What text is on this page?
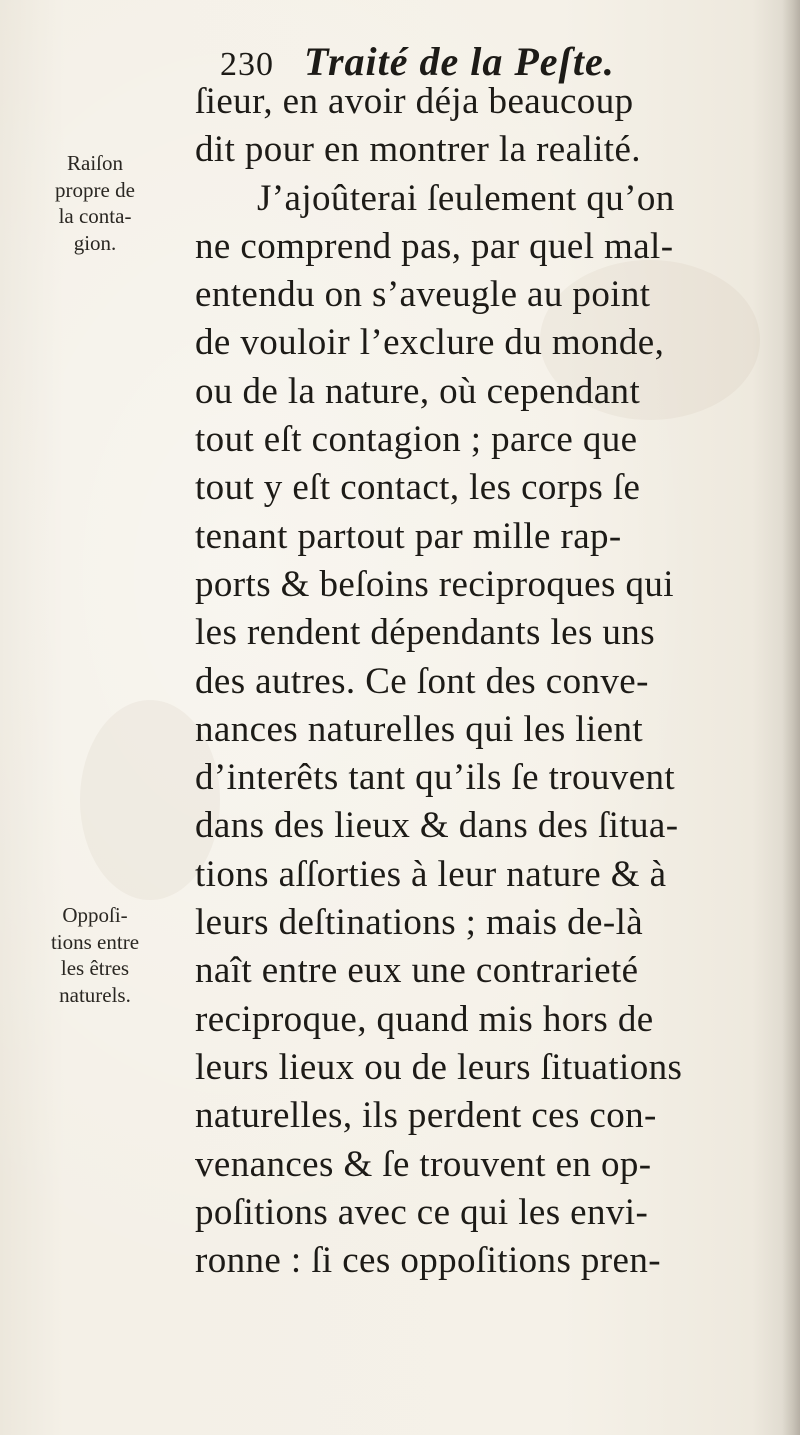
230 Traité de la Peſte.
Raiſon
propre de
la conta-
gion.
Oppoſi-
tions entre
les êtres
naturels.
ſieur, en avoir déja beaucoup
dit pour en montrer la realité.
J’ajoûterai ſeulement qu’on
ne comprend pas, par quel mal-
entendu on s’aveugle au point
de vouloir l’exclure du monde,
ou de la nature, où cependant
tout eſt contagion ; parce que
tout y eſt contact, les corps ſe
tenant partout par mille rap-
ports & beſoins reciproques qui
les rendent dépendants les uns
des autres. Ce ſont des conve-
nances naturelles qui les lient
d’interêts tant qu’ils ſe trouvent
dans des lieux & dans des ſitua-
tions aſſorties à leur nature & à
leurs deſtinations ; mais de-là
naît entre eux une contrarieté
reciproque, quand mis hors de
leurs lieux ou de leurs ſituations
naturelles, ils perdent ces con-
venances & ſe trouvent en op-
poſitions avec ce qui les envi-
ronne : ſi ces oppoſitions pren-
